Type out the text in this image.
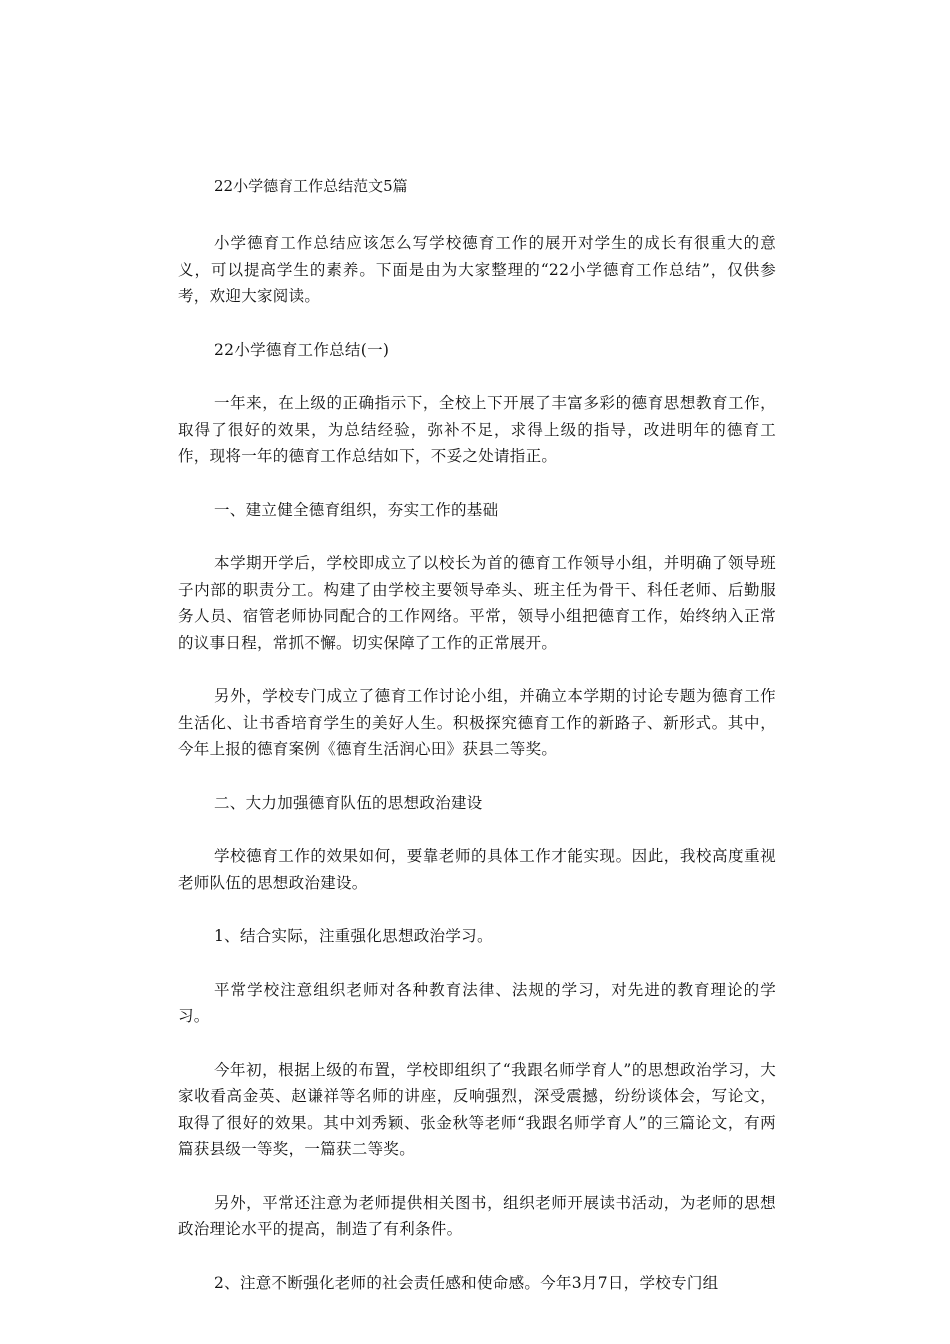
22小学德育工作总结范文5篇

小学德育工作总结应该怎么写学校德育工作的展开对学生的成长有很重大的意义，可以提高学生的素养。下面是由为大家整理的“22小学德育工作总结”，仅供参考，欢迎大家阅读。

22小学德育工作总结(一)

一年来，在上级的正确指示下，全校上下开展了丰富多彩的德育思想教育工作，取得了很好的效果，为总结经验，弥补不足，求得上级的指导，改进明年的德育工作，现将一年的德育工作总结如下，不妥之处请指正。

一、建立健全德育组织，夯实工作的基础

本学期开学后，学校即成立了以校长为首的德育工作领导小组，并明确了领导班子内部的职责分工。构建了由学校主要领导牵头、班主任为骨干、科任老师、后勤服务人员、宿管老师协同配合的工作网络。平常，领导小组把德育工作，始终纳入正常的议事日程，常抓不懈。切实保障了工作的正常展开。

另外，学校专门成立了德育工作讨论小组，并确立本学期的讨论专题为德育工作生活化、让书香培育学生的美好人生。积极探究德育工作的新路子、新形式。其中，今年上报的德育案例《德育生活润心田》获县二等奖。

二、大力加强德育队伍的思想政治建设

学校德育工作的效果如何，要靠老师的具体工作才能实现。因此，我校高度重视老师队伍的思想政治建设。

1、结合实际，注重强化思想政治学习。

平常学校注意组织老师对各种教育法律、法规的学习，对先进的教育理论的学习。

今年初，根据上级的布置，学校即组织了“我跟名师学育人”的思想政治学习，大家收看高金英、赵谦祥等名师的讲座，反响强烈，深受震撼，纷纷谈体会，写论文，取得了很好的效果。其中刘秀颖、张金秋等老师“我跟名师学育人”的三篇论文，有两篇获县级一等奖，一篇获二等奖。

另外，平常还注意为老师提供相关图书，组织老师开展读书活动，为老师的思想政治理论水平的提高，制造了有利条件。

2、注意不断强化老师的社会责任感和使命感。今年3月7日，学校专门组
